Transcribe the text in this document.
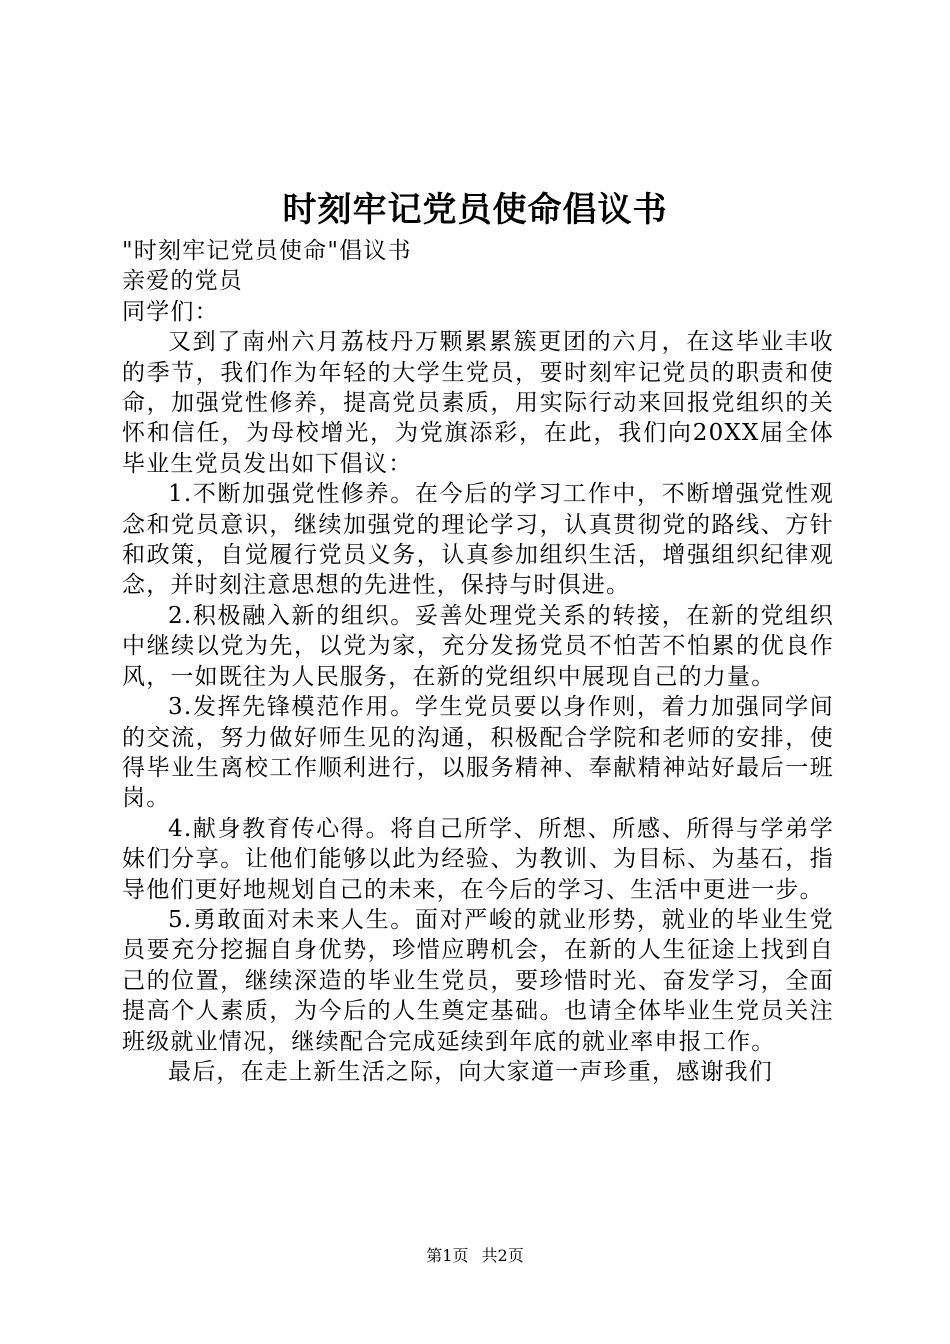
时刻牢记党员使命倡议书

"时刻牢记党员使命"倡议书

亲爱的党员

同学们：

又到了南州六月荔枝丹万颗累累簇更团的六月，在这毕业丰收的季节，我们作为年轻的大学生党员，要时刻牢记党员的职责和使命，加强党性修养，提高党员素质，用实际行动来回报党组织的关怀和信任，为母校增光，为党旗添彩，在此，我们向20XX届全体毕业生党员发出如下倡议：

1.不断加强党性修养。在今后的学习工作中，不断增强党性观念和党员意识，继续加强党的理论学习，认真贯彻党的路线、方针和政策，自觉履行党员义务，认真参加组织生活，增强组织纪律观念，并时刻注意思想的先进性，保持与时俱进。

2.积极融入新的组织。妥善处理党关系的转接，在新的党组织中继续以党为先，以党为家，充分发扬党员不怕苦不怕累的优良作风，一如既往为人民服务，在新的党组织中展现自己的力量。

3.发挥先锋模范作用。学生党员要以身作则，着力加强同学间的交流，努力做好师生见的沟通，积极配合学院和老师的安排，使得毕业生离校工作顺利进行，以服务精神、奉献精神站好最后一班岗。

4.献身教育传心得。将自己所学、所想、所感、所得与学弟学妹们分享。让他们能够以此为经验、为教训、为目标、为基石，指导他们更好地规划自己的未来，在今后的学习、生活中更进一步。

5.勇敢面对未来人生。面对严峻的就业形势，就业的毕业生党员要充分挖掘自身优势，珍惜应聘机会，在新的人生征途上找到自己的位置，继续深造的毕业生党员，要珍惜时光、奋发学习，全面提高个人素质，为今后的人生奠定基础。也请全体毕业生党员关注班级就业情况，继续配合完成延续到年底的就业率申报工作。

最后，在走上新生活之际，向大家道一声珍重，感谢我们

第1页 共2页
